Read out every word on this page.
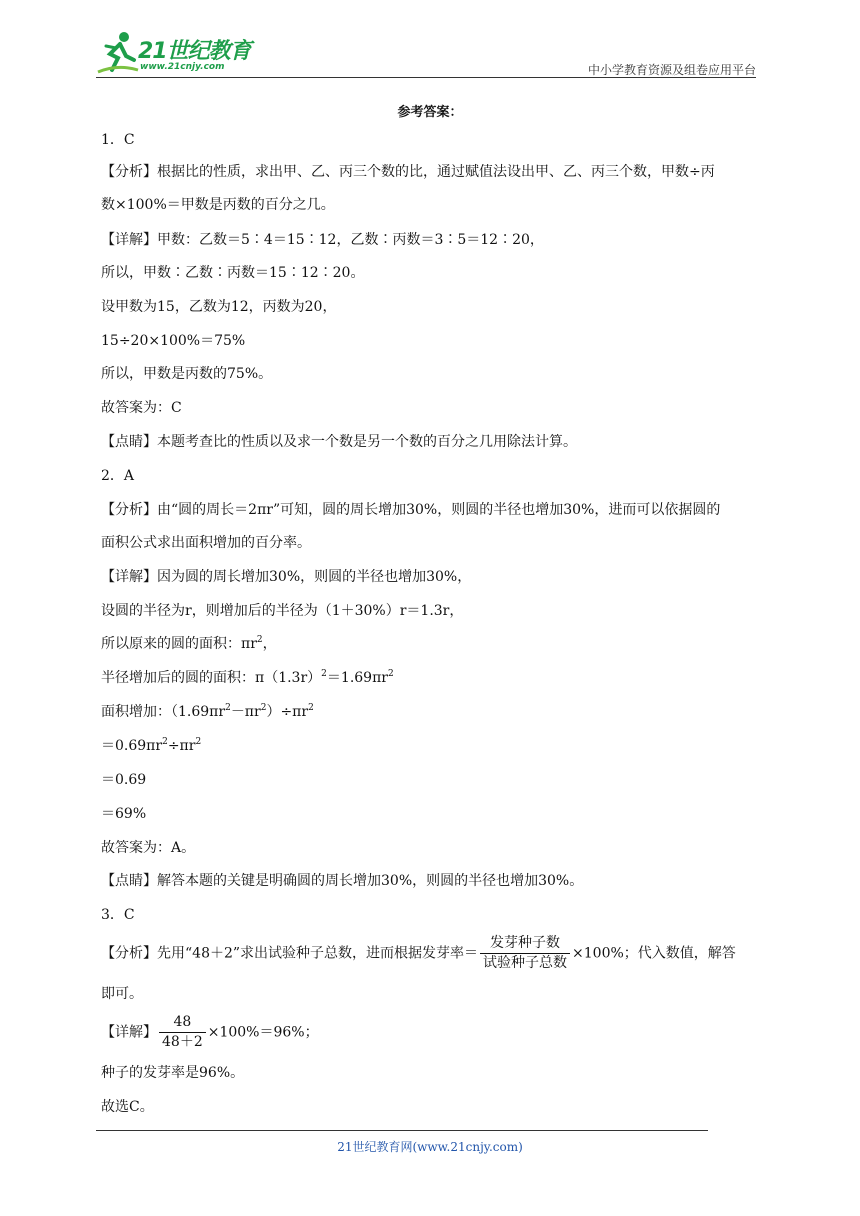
21世纪教育
www.21cnjy.com	中小学教育资源及组卷应用平台
参考答案：
1．C
【分析】根据比的性质，求出甲、乙、丙三个数的比，通过赋值法设出甲、乙、丙三个数，甲数÷丙
数×100%＝甲数是丙数的百分之几。
【详解】甲数：乙数＝5∶4＝15∶12，乙数∶丙数＝3∶5＝12∶20，
所以，甲数∶乙数∶丙数＝15∶12∶20。
设甲数为15，乙数为12，丙数为20，
15÷20×100%＝75%
所以，甲数是丙数的75%。
故答案为：C
【点睛】本题考查比的性质以及求一个数是另一个数的百分之几用除法计算。
2．A
【分析】由“圆的周长＝2πr”可知，圆的周长增加30%，则圆的半径也增加30%，进而可以依据圆的
面积公式求出面积增加的百分率。
【详解】因为圆的周长增加30%，则圆的半径也增加30%，
设圆的半径为r，则增加后的半径为（1＋30%）r＝1.3r，
所以原来的圆的面积：$\pi r^2$，
半径增加后的圆的面积：$\pi(1.3r)^2=1.69\pi r^2$
面积增加：$(1.69\pi r^2-\pi r^2)\div\pi r^2$
$=0.69\pi r^2\div\pi r^2$
＝0.69
＝69%
故答案为：A。
【点睛】解答本题的关键是明确圆的周长增加30%，则圆的半径也增加30%。
3．C
【分析】先用“48＋2”求出试验种子总数，进而根据发芽率＝ $\frac{\text{发芽种子数}}{\text{试验种子总数}} \times 100\%$；代入数值，解答
即可。
【详解】 $\frac{48}{48+2} \times 100\%=96\%$；
种子的发芽率是96%。
故选C。
21世纪教育网(www.21cnjy.com)
